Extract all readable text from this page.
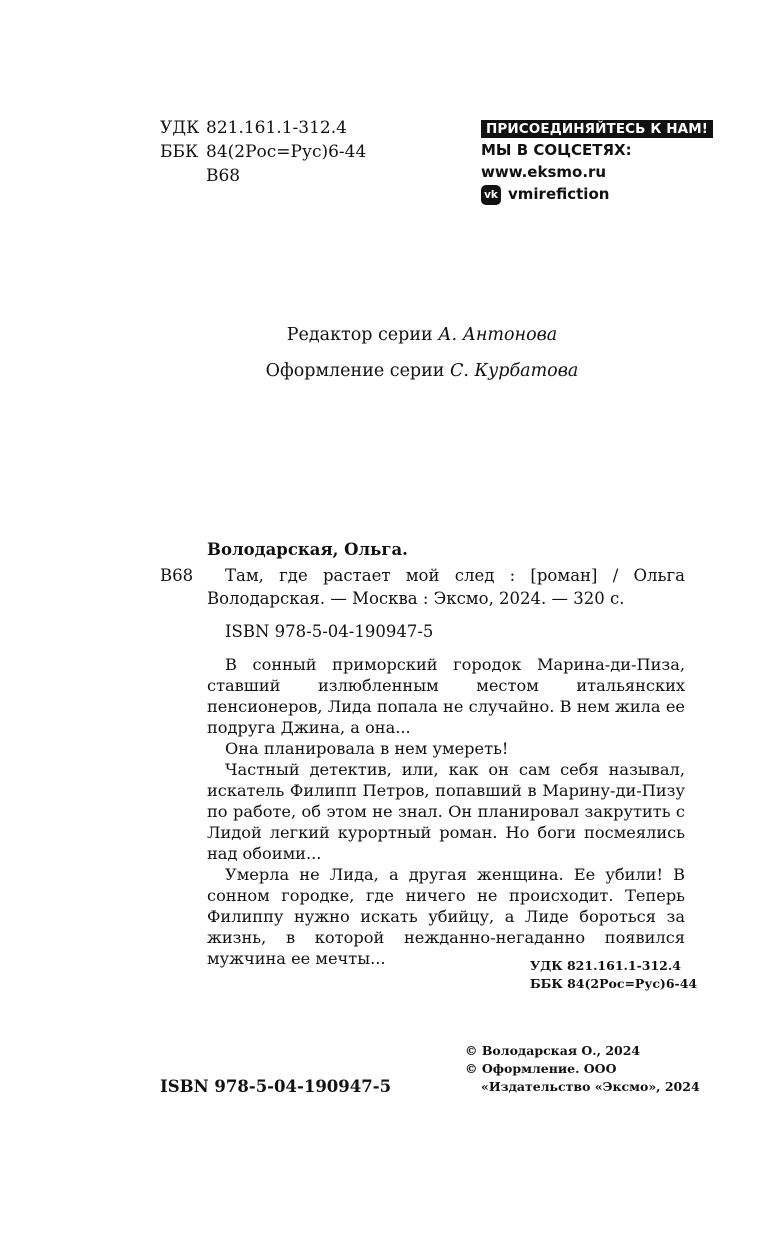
УДК 821.161.1-312.4
ББК 84(2Рос=Рус)6-44
В68
ПРИСОЕДИНЯЙТЕСЬ К НАМ!
МЫ В СОЦСЕТЯХ:
www.eksmo.ru
vk vmirefiction
Редактор серии А. Антонова
Оформление серии С. Курбатова
Володарская, Ольга.
В68	Там, где растает мой след : [роман] / Ольга Володарская. — Москва : Эксмо, 2024. — 320 с.

ISBN 978-5-04-190947-5

В сонный приморский городок Марина-ди-Пиза, ставший излюбленным местом итальянских пенсионеров, Лида попала не случайно. В нем жила ее подруга Джина, а она...

Она планировала в нем умереть!

Частный детектив, или, как он сам себя называл, искатель Филипп Петров, попавший в Марину-ди-Пизу по работе, об этом не знал. Он планировал закрутить с Лидой легкий курортный роман. Но боги посмеялись над обоими...

Умерла не Лида, а другая женщина. Ее убили! В сонном городке, где ничего не происходит. Теперь Филиппу нужно искать убийцу, а Лиде бороться за жизнь, в которой нежданно-негаданно появился мужчина ее мечты...	УДК 821.161.1-312.4
ББК 84(2Рос=Рус)6-44
ISBN 978-5-04-190947-5
© Володарская О., 2024
© Оформление. ООО
«Издательство «Эксмо», 2024
